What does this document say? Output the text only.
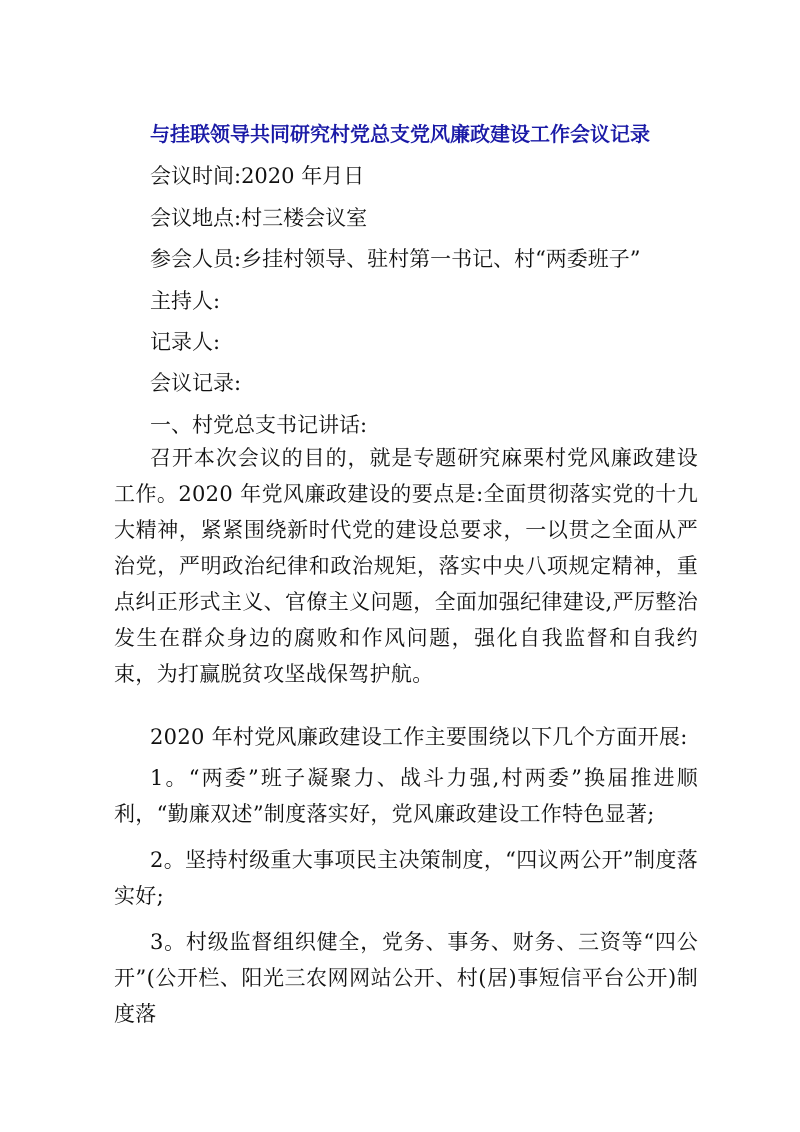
与挂联领导共同研究村党总支党风廉政建设工作会议记录
会议时间:2020 年月日
会议地点:村三楼会议室
参会人员:乡挂村领导、驻村第一书记、村“两委班子”
主持人:
记录人:
会议记录:
一、村党总支书记讲话:
召开本次会议的目的，就是专题研究麻栗村党风廉政建设工作。2020 年党风廉政建设的要点是:全面贯彻落实党的十九大精神，紧紧围绕新时代党的建设总要求，一以贯之全面从严治党，严明政治纪律和政治规矩，落实中央八项规定精神，重点纠正形式主义、官僚主义问题，全面加强纪律建设,严厉整治发生在群众身边的腐败和作风问题，强化自我监督和自我约束，为打赢脱贫攻坚战保驾护航。
2020 年村党风廉政建设工作主要围绕以下几个方面开展:
1。“两委”班子凝聚力、战斗力强,村两委”换届推进顺利，“勤廉双述”制度落实好，党风廉政建设工作特色显著;
2。坚持村级重大事项民主决策制度，“四议两公开”制度落实好;
3。村级监督组织健全，党务、事务、财务、三资等“四公开”(公开栏、阳光三农网网站公开、村(居)事短信平台公开)制度落
